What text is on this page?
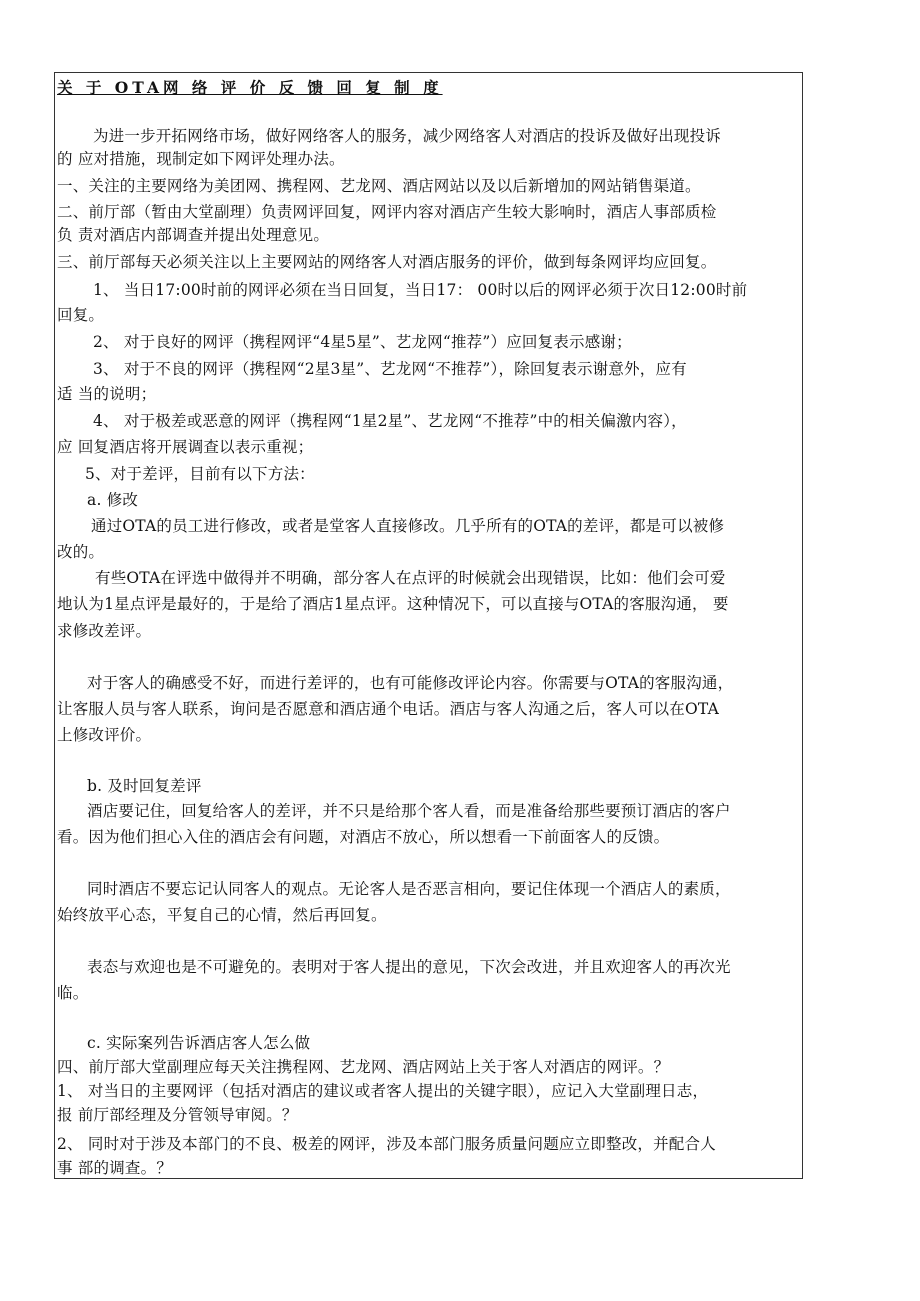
关 于 OTA网 络 评 价 反 馈 回 复 制 度
为进一步开拓网络市场，做好网络客人的服务，减少网络客人对酒店的投诉及做好出现投诉
的 应对措施，现制定如下网评处理办法。
一、关注的主要网络为美团网、携程网、艺龙网、酒店网站以及以后新增加的网站销售渠道。
二、前厅部（暂由大堂副理）负责网评回复，网评内容对酒店产生较大影响时，酒店人事部质检
负 责对酒店内部调查并提出处理意见。
三、前厅部每天必须关注以上主要网站的网络客人对酒店服务的评价，做到每条网评均应回复。
1、 当日17:00时前的网评必须在当日回复，当日17： 00时以后的网评必须于次日12:00时前
回复。
2、 对于良好的网评（携程网评“4星5星”、艺龙网“推荐”）应回复表示感谢；
3、 对于不良的网评（携程网“2星3星”、艺龙网“不推荐”），除回复表示谢意外，应有
适 当的说明；
4、 对于极差或恶意的网评（携程网“1星2星”、艺龙网“不推荐”中的相关偏激内容），
应 回复酒店将开展调查以表示重视；
5、对于差评，目前有以下方法：
a. 修改
通过OTA的员工进行修改，或者是堂客人直接修改。几乎所有的OTA的差评，都是可以被修
改的。
有些OTA在评选中做得并不明确，部分客人在点评的时候就会出现错误，比如：他们会可爱
地认为1星点评是最好的，于是给了酒店1星点评。这种情况下，可以直接与OTA的客服沟通， 要
求修改差评。
对于客人的确感受不好，而进行差评的，也有可能修改评论内容。你需要与OTA的客服沟通，
让客服人员与客人联系，询问是否愿意和酒店通个电话。酒店与客人沟通之后，客人可以在OTA
上修改评价。
b. 及时回复差评
酒店要记住，回复给客人的差评，并不只是给那个客人看，而是准备给那些要预订酒店的客户
看。因为他们担心入住的酒店会有问题，对酒店不放心，所以想看一下前面客人的反馈。
同时酒店不要忘记认同客人的观点。无论客人是否恶言相向，要记住体现一个酒店人的素质，
始终放平心态，平复自己的心情，然后再回复。
表态与欢迎也是不可避免的。表明对于客人提出的意见，下次会改进，并且欢迎客人的再次光
临。
c. 实际案列告诉酒店客人怎么做
四、前厅部大堂副理应每天关注携程网、艺龙网、酒店网站上关于客人对酒店的网评。？
1、 对当日的主要网评（包括对酒店的建议或者客人提出的关键字眼），应记入大堂副理日志，
报 前厅部经理及分管领导审阅。？
2、 同时对于涉及本部门的不良、极差的网评，涉及本部门服务质量问题应立即整改，并配合人
事 部的调查。？
